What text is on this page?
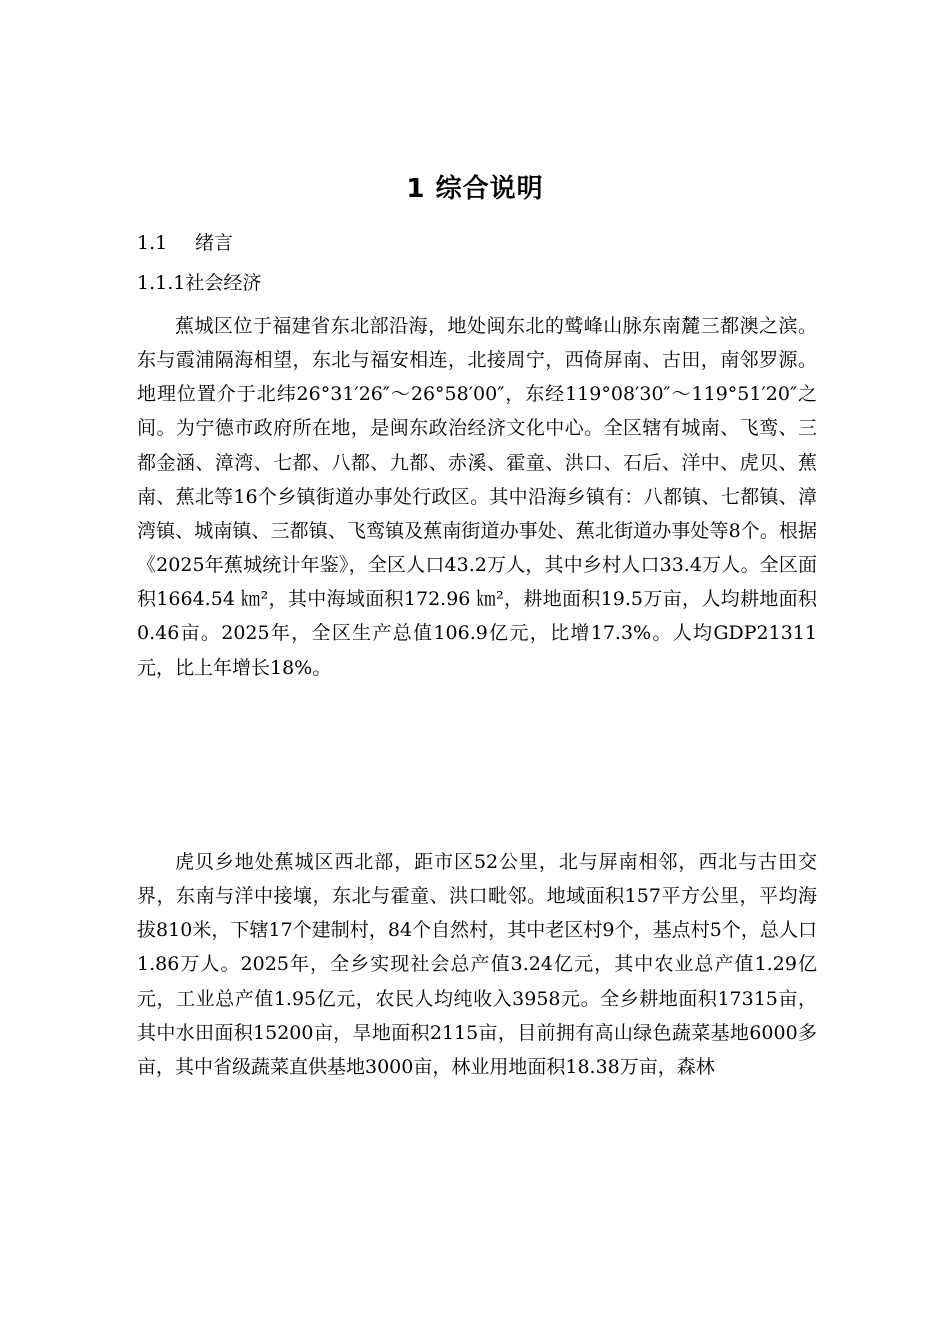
1 综合说明
1.1 绪言
1.1.1社会经济

蕉城区位于福建省东北部沿海，地处闽东北的鹫峰山脉东南麓三都澳之滨。东与霞浦隔海相望，东北与福安相连，北接周宁，西倚屏南、古田，南邻罗源。地理位置介于北纬26°31′26″～26°58′00″，东经119°08′30″～119°51′20″之间。为宁德市政府所在地，是闽东政治经济文化中心。全区辖有城南、飞鸾、三都金涵、漳湾、七都、八都、九都、赤溪、霍童、洪口、石后、洋中、虎贝、蕉南、蕉北等16个乡镇街道办事处行政区。其中沿海乡镇有：八都镇、七都镇、漳湾镇、城南镇、三都镇、飞鸾镇及蕉南街道办事处、蕉北街道办事处等8个。根据《2025年蕉城统计年鉴》，全区人口43.2万人，其中乡村人口33.4万人。全区面积1664.54 ㎞²，其中海域面积172.96 ㎞²，耕地面积19.5万亩，人均耕地面积0.46亩。2025年，全区生产总值106.9亿元，比增17.3%。人均GDP21311元，比上年增长18%。

虎贝乡地处蕉城区西北部，距市区52公里，北与屏南相邻，西北与古田交界，东南与洋中接壤，东北与霍童、洪口毗邻。地域面积157平方公里，平均海拔810米，下辖17个建制村，84个自然村，其中老区村9个，基点村5个，总人口1.86万人。2025年，全乡实现社会总产值3.24亿元，其中农业总产值1.29亿元，工业总产值1.95亿元，农民人均纯收入3958元。全乡耕地面积17315亩，其中水田面积15200亩，旱地面积2115亩，目前拥有高山绿色蔬菜基地6000多亩，其中省级蔬菜直供基地3000亩，林业用地面积18.38万亩，森林
